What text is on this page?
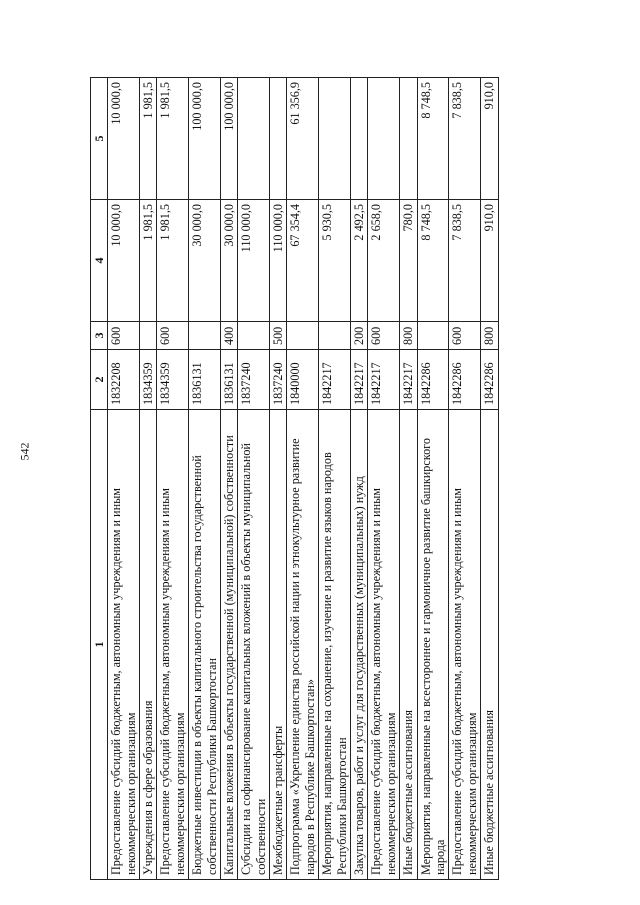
542
1	2	3	4	5
Предоставление субсидий бюджетным, автономным учреждениям и иным некоммерческим организациям	1832208	600	10 000,0	10 000,0
Учреждения в сфере образования	1834359		1 981,5	1 981,5
Предоставление субсидий бюджетным, автономным учреждениям и иным некоммерческим организациям	1834359	600	1 981,5	1 981,5
Бюджетные инвестиции в объекты капитального строительства государственной собственности Республики Башкортостан	1836131		30 000,0	100 000,0
Капитальные вложения в объекты государственной (муниципальной) собственности	1836131	400	30 000,0	100 000,0
Субсидии на софинансирование капитальных вложений в объекты муниципальной собственности	1837240		110 000,0	
Межбюджетные трансферты	1837240	500	110 000,0	
Подпрограмма «Укрепление единства российской нации и этнокультурное развитие народов в Республике Башкортостан»	1840000		67 354,4	61 356,9
Мероприятия, направленные на сохранение, изучение и развитие языков народов Республики Башкортостан	1842217		5 930,5	
Закупка товаров, работ и услуг для государственных (муниципальных) нужд	1842217	200	2 492,5	
Предоставление субсидий бюджетным, автономным учреждениям и иным некоммерческим организациям	1842217	600	2 658,0	
Иные бюджетные ассигнования	1842217	800	780,0	
Мероприятия, направленные на всестороннее и гармоничное развитие башкирского народа	1842286		8 748,5	8 748,5
Предоставление субсидий бюджетным, автономным учреждениям и иным некоммерческим организациям	1842286	600	7 838,5	7 838,5
Иные бюджетные ассигнования	1842286	800	910,0	910,0
